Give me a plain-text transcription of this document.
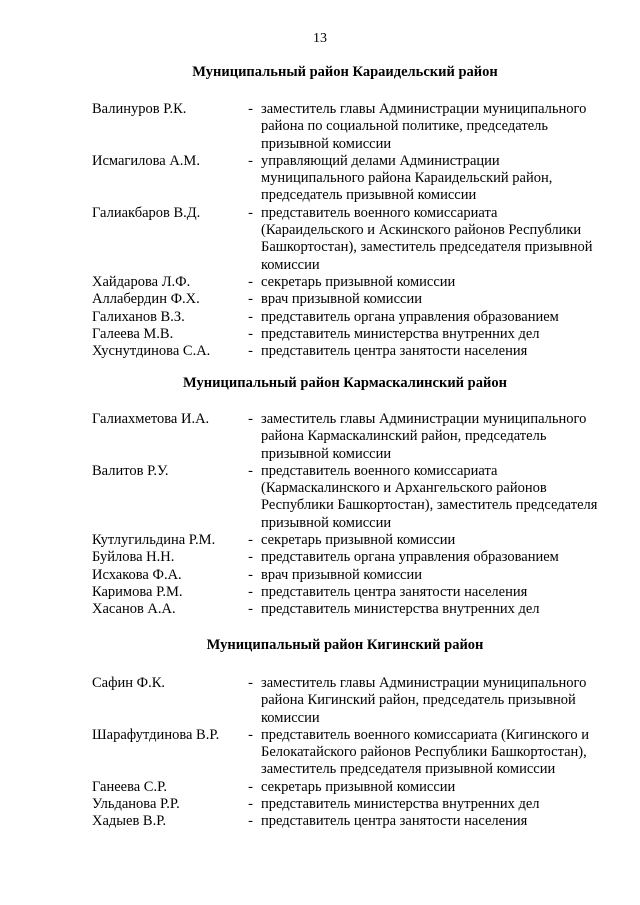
13
Муниципальный район Караидельский район
Валинуров Р.К.	- заместитель главы Администрации муниципального района по социальной политике, председатель призывной комиссии
Исмагилова А.М.	- управляющий делами Администрации муниципального района Караидельский район, председатель призывной комиссии
Галиакбаров В.Д.	- представитель военного комиссариата (Караидельского и Аскинского районов Республики Башкортостан), заместитель председателя призывной комиссии
Хайдарова Л.Ф.	- секретарь призывной комиссии
Аллабердин Ф.Х.	- врач призывной комиссии
Галиханов В.З.	- представитель органа управления образованием
Галеева М.В.	- представитель министерства внутренних дел
Хуснутдинова С.А.	- представитель центра занятости населения
Муниципальный район Кармаскалинский район
Галиахметова И.А.	- заместитель главы Администрации муниципального района Кармаскалинский район, председатель призывной комиссии
Валитов Р.У.	- представитель военного комиссариата (Кармаскалинского и Архангельского районов Республики Башкортостан), заместитель председателя призывной комиссии
Кутлугильдина Р.М.	- секретарь призывной комиссии
Буйлова Н.Н.	- представитель органа управления образованием
Исхакова Ф.А.	- врач призывной комиссии
Каримова Р.М.	- представитель центра занятости населения
Хасанов А.А.	- представитель министерства внутренних дел
Муниципальный район Кигинский район
Сафин Ф.К.	- заместитель главы Администрации муниципального района Кигинский район, председатель призывной комиссии
Шарафутдинова В.Р.	- представитель военного комиссариата (Кигинского и Белокатайского районов Республики Башкортостан), заместитель председателя призывной комиссии
Ганеева С.Р.	- секретарь призывной комиссии
Ульданова Р.Р.	- представитель министерства внутренних дел
Хадыев В.Р.	- представитель центра занятости населения
